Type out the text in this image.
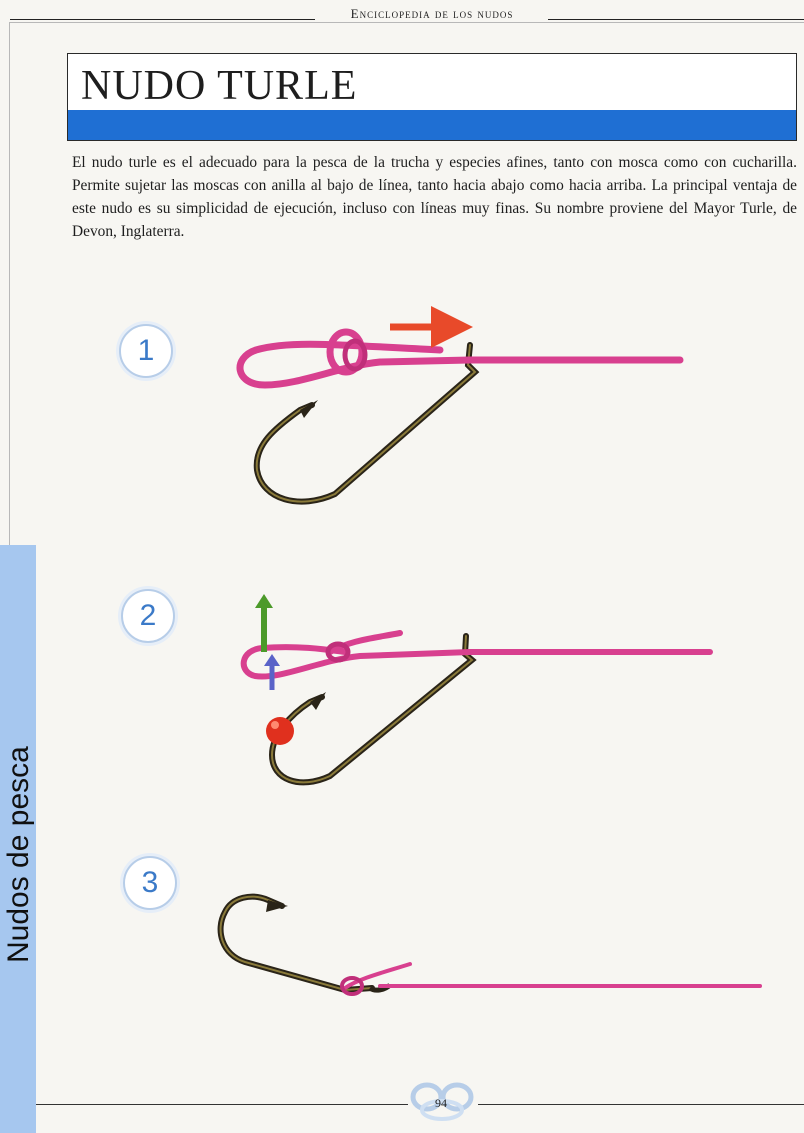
Enciclopedia de los nudos
NUDO TURLE
El nudo turle es el adecuado para la pesca de la trucha y especies afines, tanto con mosca como con cucharilla. Permite sujetar las moscas con anilla al bajo de línea, tanto hacia abajo como hacia arriba. La principal ventaja de este nudo es su simplicidad de ejecución, incluso con líneas muy finas. Su nombre proviene del Mayor Turle, de Devon, Inglaterra.
Nudos de pesca
1
2
3
94
